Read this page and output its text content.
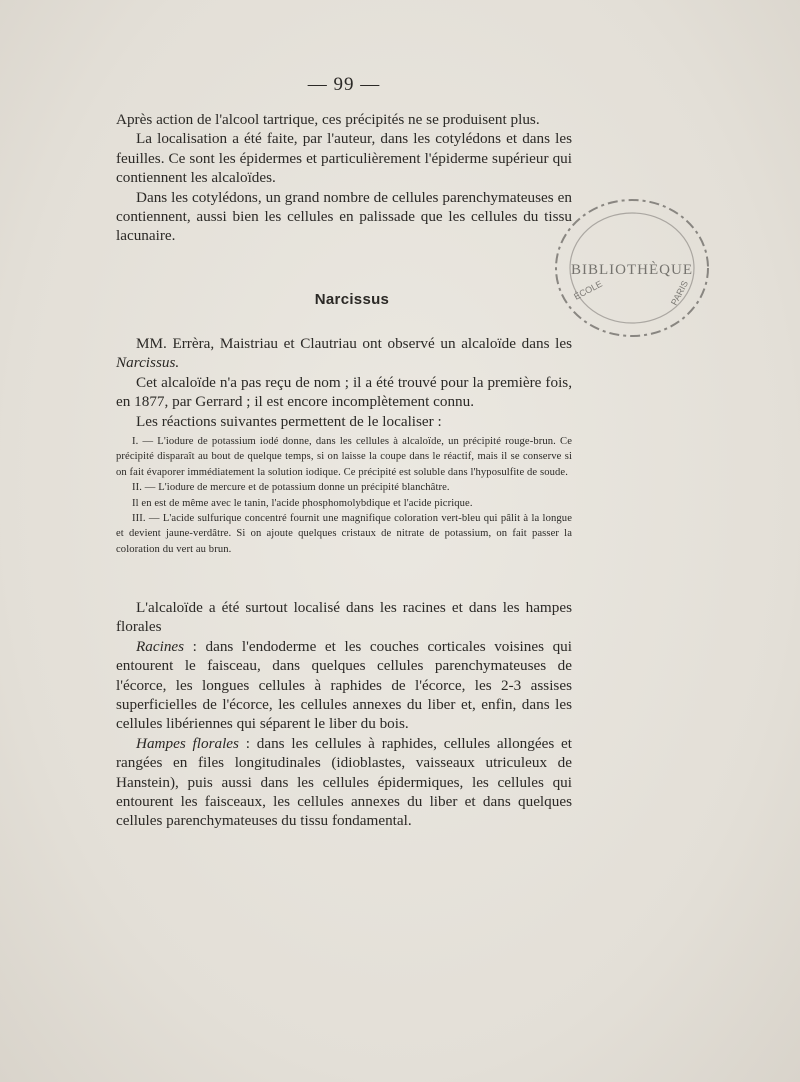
— 99 —

Après action de l'alcool tartrique, ces précipités ne se produisent plus.

La localisation a été faite, par l'auteur, dans les cotylédons et dans les feuilles. Ce sont les épidermes et particulièrement l'épiderme supérieur qui contiennent les alcaloïdes.

Dans les cotylédons, un grand nombre de cellules parenchymateuses en contiennent, aussi bien les cellules en palissade que les cellules du tissu lacunaire.

Narcissus

MM. Errèra, Maistriau et Clautriau ont observé un alcaloïde dans les Narcissus.

Cet alcaloïde n'a pas reçu de nom ; il a été trouvé pour la première fois, en 1877, par Gerrard ; il est encore incomplètement connu.

Les réactions suivantes permettent de le localiser :

I. — L'iodure de potassium iodé donne, dans les cellules à alcaloïde, un précipité rouge-brun. Ce précipité disparaît au bout de quelque temps, si on laisse la coupe dans le réactif, mais il se conserve si on fait évaporer immédiatement la solution iodique. Ce précipité est soluble dans l'hyposulfite de soude.

II. — L'iodure de mercure et de potassium donne un précipité blanchâtre.

Il en est de même avec le tanin, l'acide phosphomolybdique et l'acide picrique.

III. — L'acide sulfurique concentré fournit une magnifique coloration vert-bleu qui pâlit à la longue et devient jaune-verdâtre. Si on ajoute quelques cristaux de nitrate de potassium, on fait passer la coloration du vert au brun.

L'alcaloïde a été surtout localisé dans les racines et dans les hampes florales

Racines : dans l'endoderme et les couches corticales voisines qui entourent le faisceau, dans quelques cellules parenchymateuses de l'écorce, les longues cellules à raphides de l'écorce, les 2-3 assises superficielles de l'écorce, les cellules annexes du liber et, enfin, dans les cellules libériennes qui séparent le liber du bois.

Hampes florales : dans les cellules à raphides, cellules allongées et rangées en files longitudinales (idioblastes, vaisseaux utriculeux de Hanstein), puis aussi dans les cellules épidermiques, les cellules qui entourent les faisceaux, les cellules annexes du liber et dans quelques cellules parenchymateuses du tissu fondamental.

BIBLIOTHÈQUE
ÉCOLE	PARIS
